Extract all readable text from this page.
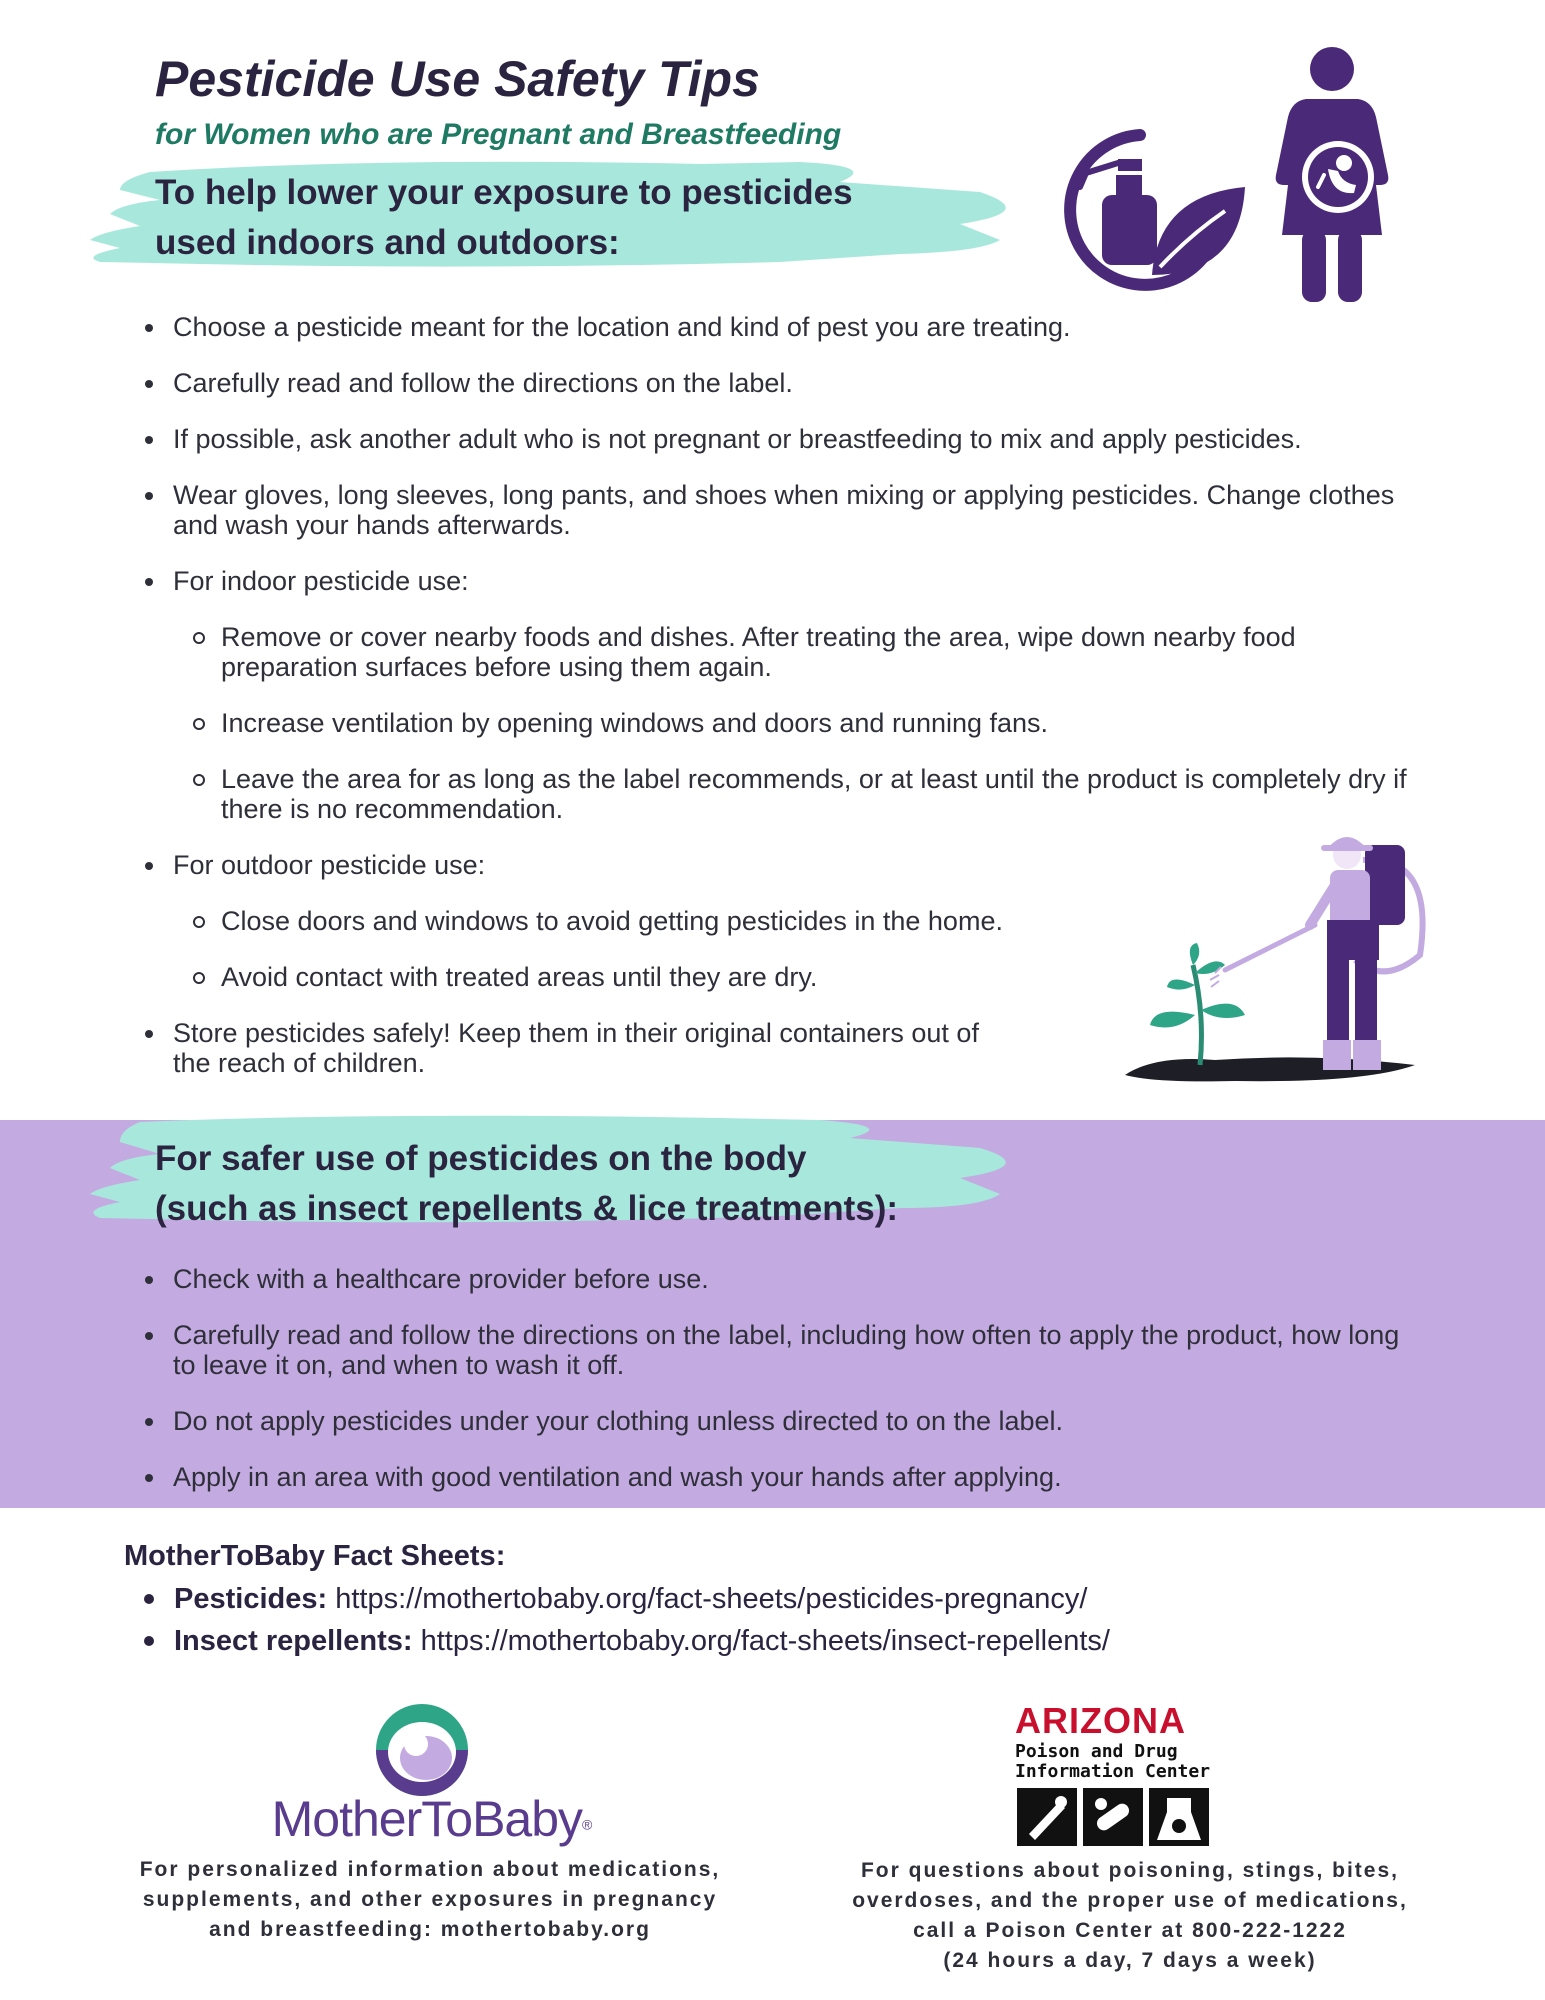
Pesticide Use Safety Tips
for Women who are Pregnant and Breastfeeding
To help lower your exposure to pesticides
used indoors and outdoors:
Choose a pesticide meant for the location and kind of pest you are treating.
Carefully read and follow the directions on the label.
If possible, ask another adult who is not pregnant or breastfeeding to mix and apply pesticides.
Wear gloves, long sleeves, long pants, and shoes when mixing or applying pesticides. Change clothes and wash your hands afterwards.
For indoor pesticide use:
Remove or cover nearby foods and dishes. After treating the area, wipe down nearby food preparation surfaces before using them again.
Increase ventilation by opening windows and doors and running fans.
Leave the area for as long as the label recommends, or at least until the product is completely dry if there is no recommendation.
For outdoor pesticide use:
Close doors and windows to avoid getting pesticides in the home.
Avoid contact with treated areas until they are dry.
Store pesticides safely! Keep them in their original containers out of the reach of children.
For safer use of pesticides on the body
(such as insect repellents & lice treatments):
Check with a healthcare provider before use.
Carefully read and follow the directions on the label, including how often to apply the product, how long to leave it on, and when to wash it off.
Do not apply pesticides under your clothing unless directed to on the label.
Apply in an area with good ventilation and wash your hands after applying.
MotherToBaby Fact Sheets:
Pesticides: https://mothertobaby.org/fact-sheets/pesticides-pregnancy/
Insect repellents: https://mothertobaby.org/fact-sheets/insect-repellents/
MotherToBaby®
For personalized information about medications,
supplements, and other exposures in pregnancy
and breastfeeding: mothertobaby.org
ARIZONA
Poison and Drug
Information Center
For questions about poisoning, stings, bites,
overdoses, and the proper use of medications,
call a Poison Center at 800-222-1222
(24 hours a day, 7 days a week)
